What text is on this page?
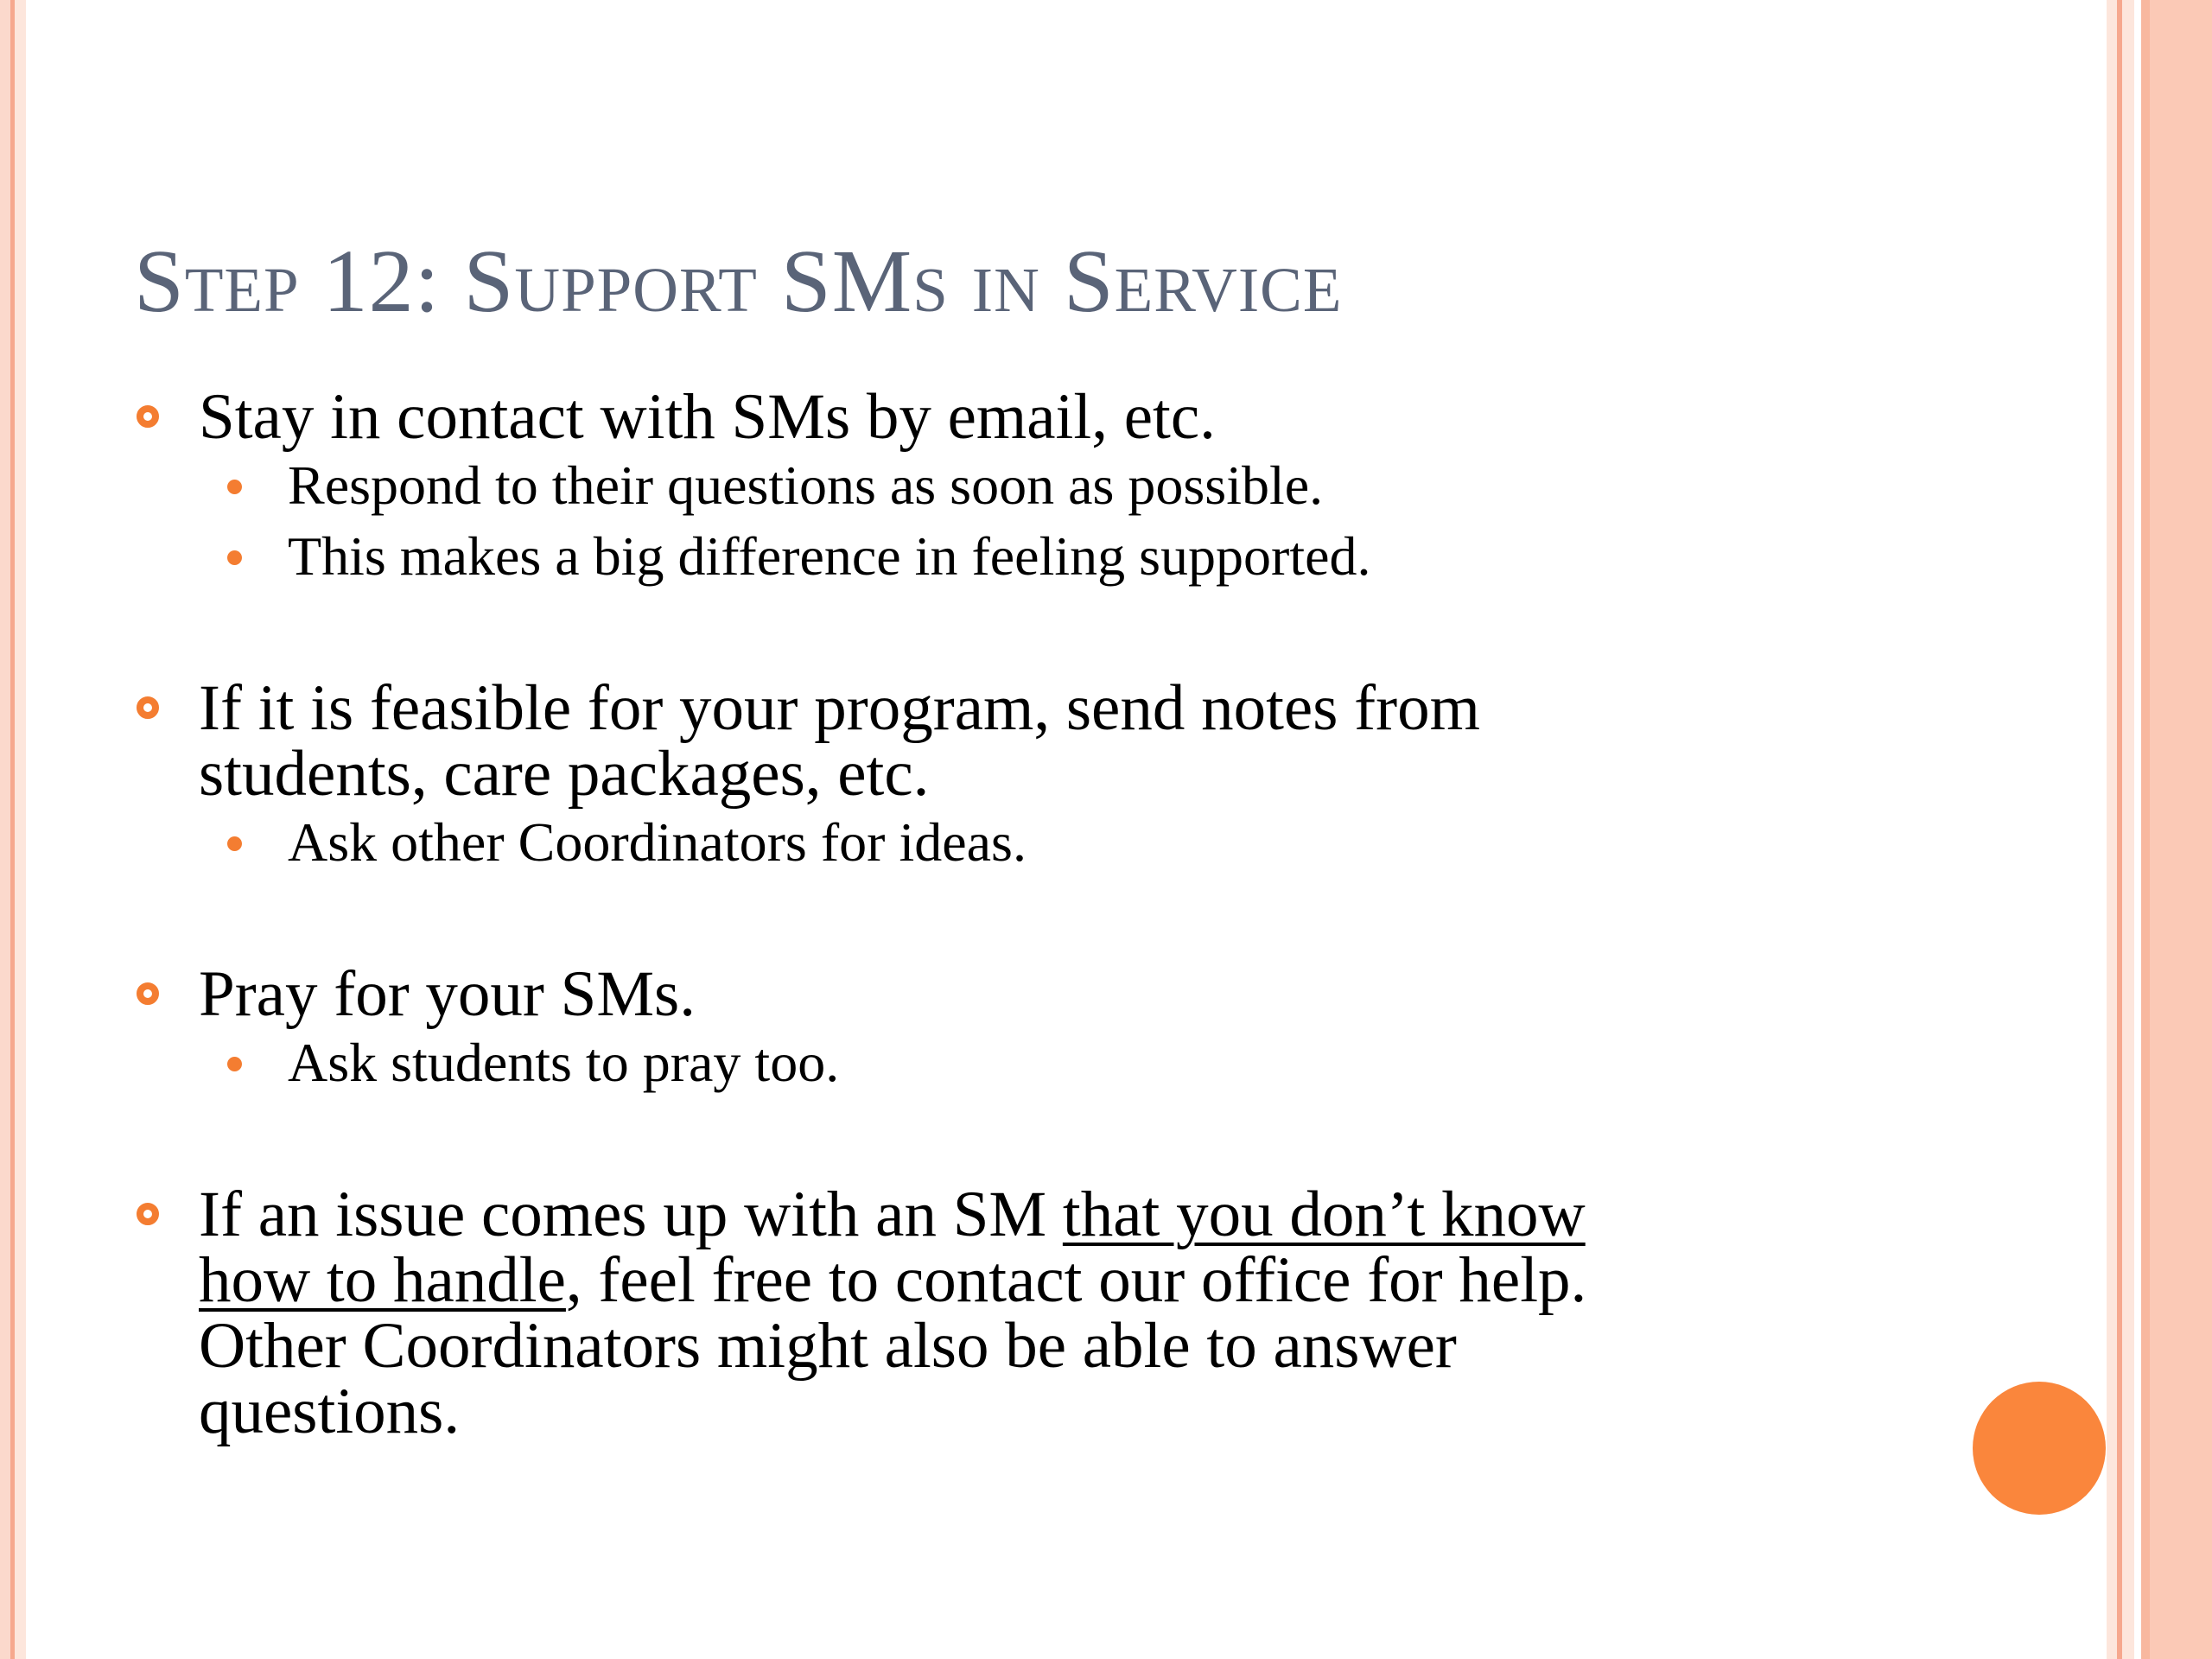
Step 12: Support SMs in Service
Stay in contact with SMs by email, etc.
Respond to their questions as soon as possible.
This makes a big difference in feeling supported.
If it is feasible for your program, send notes from
students, care packages, etc.
Ask other Coordinators for ideas.
Pray for your SMs.
Ask students to pray too.
If an issue comes up with an SM that you don’t know
how to handle, feel free to contact our office for help.
Other Coordinators might also be able to answer
questions.
